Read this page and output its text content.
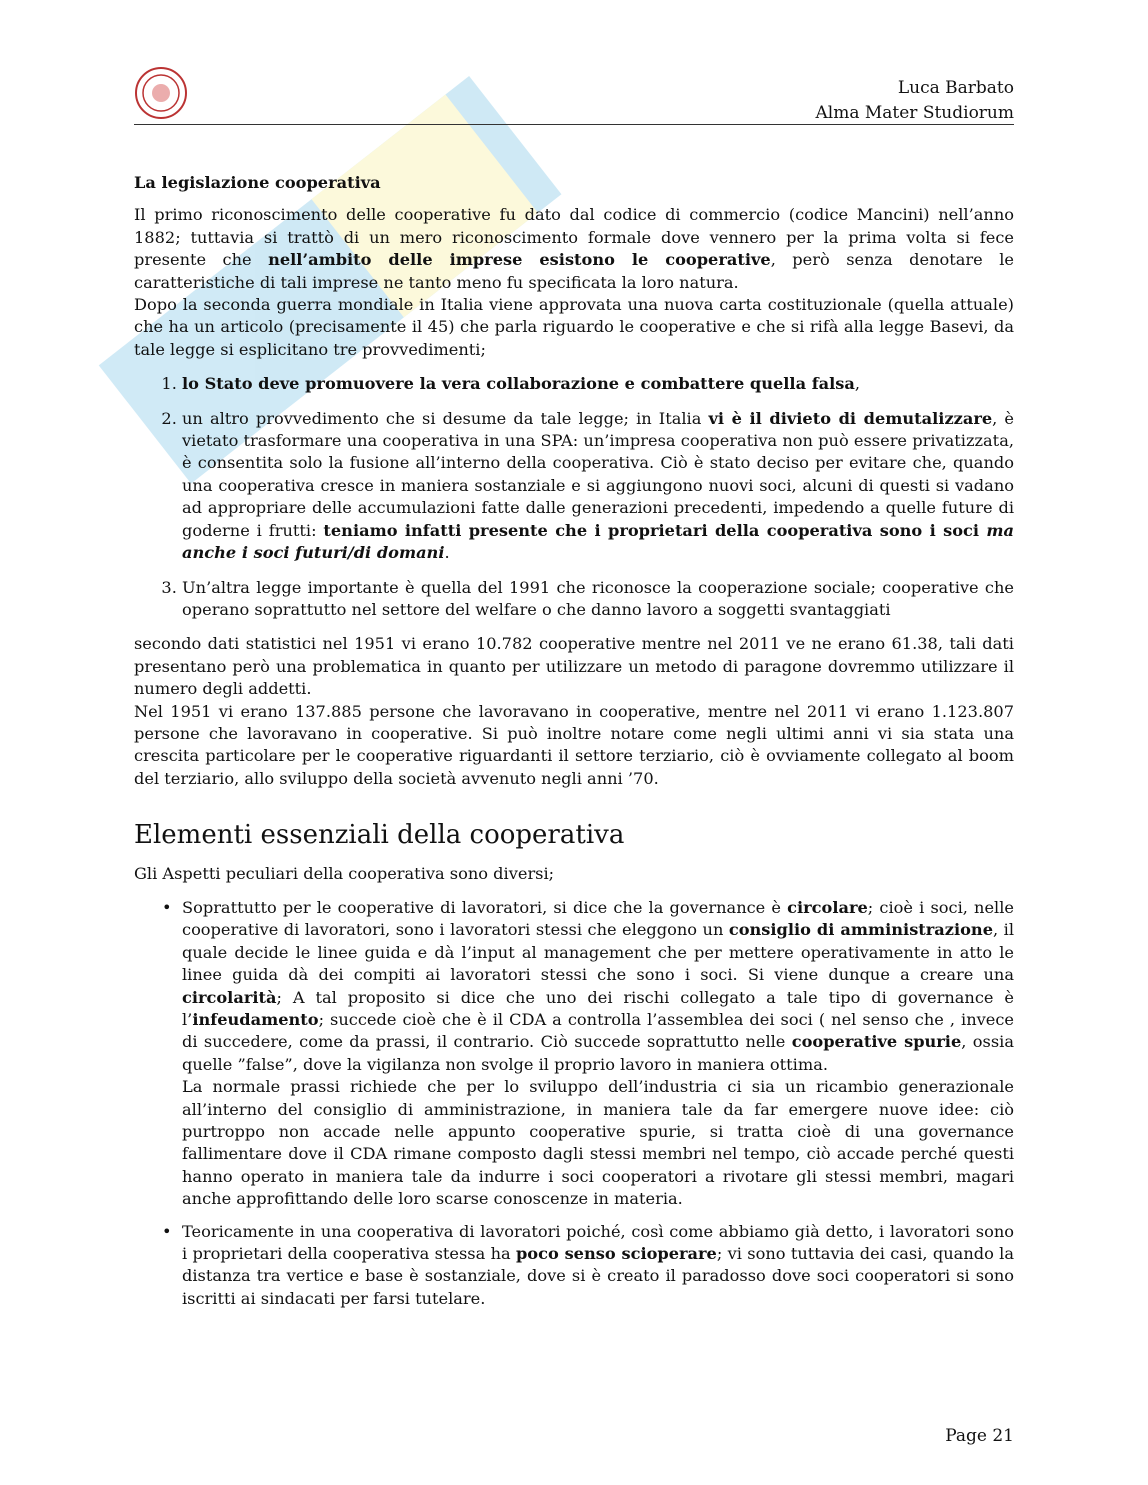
Luca Barbato
Alma Mater Studiorum

La legislazione cooperativa

Il primo riconoscimento delle cooperative fu dato dal codice di commercio (codice Mancini) nell’anno 1882; tuttavia si trattò di un mero riconoscimento formale dove vennero per la prima volta si fece presente che nell’ambito delle imprese esistono le cooperative, però senza denotare le caratteristiche di tali imprese ne tanto meno fu specificata la loro natura.

Dopo la seconda guerra mondiale in Italia viene approvata una nuova carta costituzionale (quella attuale) che ha un articolo (precisamente il 45) che parla riguardo le cooperative e che si rifà alla legge Basevi, da tale legge si esplicitano tre provvedimenti;

1. lo Stato deve promuovere la vera collaborazione e combattere quella falsa,
2. un altro provvedimento che si desume da tale legge; in Italia vi è il divieto di demutalizzare, è vietato trasformare una cooperativa in una SPA: un’impresa cooperativa non può essere privatizzata, è consentita solo la fusione all’interno della cooperativa. Ciò è stato deciso per evitare che, quando una cooperativa cresce in maniera sostanziale e si aggiungono nuovi soci, alcuni di questi si vadano ad appropriare delle accumulazioni fatte dalle generazioni precedenti, impedendo a quelle future di goderne i frutti: teniamo infatti presente che i proprietari della cooperativa sono i soci ma anche i soci futuri/di domani.
3. Un’altra legge importante è quella del 1991 che riconosce la cooperazione sociale; cooperative che operano soprattutto nel settore del welfare o che danno lavoro a soggetti svantaggiati

secondo dati statistici nel 1951 vi erano 10.782 cooperative mentre nel 2011 ve ne erano 61.38, tali dati presentano però una problematica in quanto per utilizzare un metodo di paragone dovremmo utilizzare il numero degli addetti.

Nel 1951 vi erano 137.885 persone che lavoravano in cooperative, mentre nel 2011 vi erano 1.123.807 persone che lavoravano in cooperative. Si può inoltre notare come negli ultimi anni vi sia stata una crescita particolare per le cooperative riguardanti il settore terziario, ciò è ovviamente collegato al boom del terziario, allo sviluppo della società avvenuto negli anni ’70.

Elementi essenziali della cooperativa

Gli Aspetti peculiari della cooperativa sono diversi;

• Soprattutto per le cooperative di lavoratori, si dice che la governance è circolare; cioè i soci, nelle cooperative di lavoratori, sono i lavoratori stessi che eleggono un consiglio di amministrazione, il quale decide le linee guida e dà l’input al management che per mettere operativamente in atto le linee guida dà dei compiti ai lavoratori stessi che sono i soci. Si viene dunque a creare una circolarità; A tal proposito si dice che uno dei rischi collegato a tale tipo di governance è l’infeudamento; succede cioè che è il CDA a controlla l’assemblea dei soci ( nel senso che , invece di succedere, come da prassi, il contrario. Ciò succede soprattutto nelle cooperative spurie, ossia quelle ”false”, dove la vigilanza non svolge il proprio lavoro in maniera ottima.

La normale prassi richiede che per lo sviluppo dell’industria ci sia un ricambio generazionale all’interno del consiglio di amministrazione, in maniera tale da far emergere nuove idee: ciò purtroppo non accade nelle appunto cooperative spurie, si tratta cioè di una governance fallimentare dove il CDA rimane composto dagli stessi membri nel tempo, ciò accade perché questi hanno operato in maniera tale da indurre i soci cooperatori a rivotare gli stessi membri, magari anche approfittando delle loro scarse conoscenze in materia.

• Teoricamente in una cooperativa di lavoratori poiché, così come abbiamo già detto, i lavoratori sono i proprietari della cooperativa stessa ha poco senso scioperare; vi sono tuttavia dei casi, quando la distanza tra vertice e base è sostanziale, dove si è creato il paradosso dove soci cooperatori si sono iscritti ai sindacati per farsi tutelare.
Page 21
